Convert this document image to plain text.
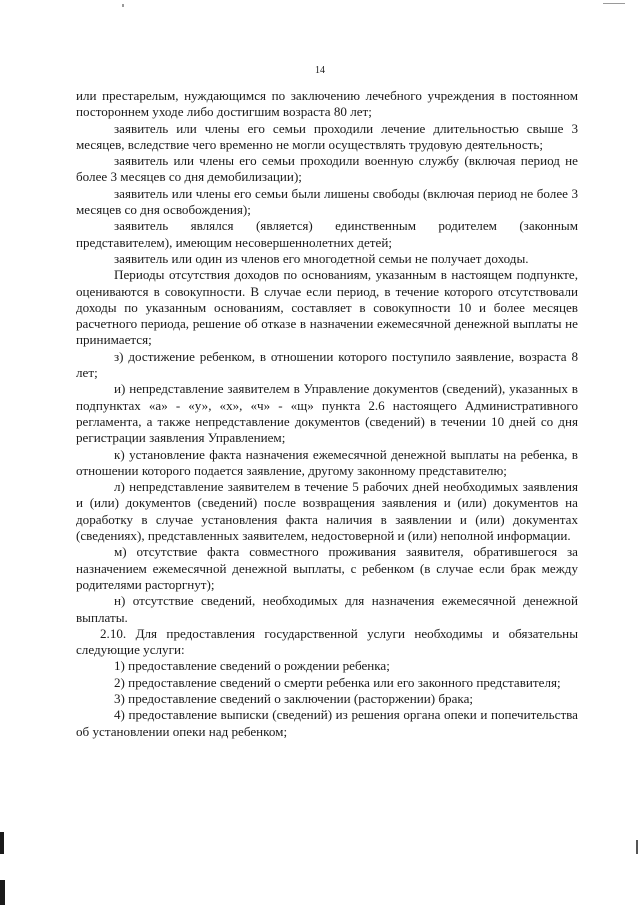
14

или престарелым, нуждающимся по заключению лечебного учреждения в постоянном постороннем уходе либо достигшим возраста 80 лет;

заявитель или члены его семьи проходили лечение длительностью свыше 3 месяцев, вследствие чего временно не могли осуществлять трудовую деятельность;

заявитель или члены его семьи проходили военную службу (включая период не более 3 месяцев со дня демобилизации);

заявитель или члены его семьи были лишены свободы (включая период не более 3 месяцев со дня освобождения);

заявитель являлся (является) единственным родителем (законным представителем), имеющим несовершеннолетних детей;

заявитель или один из членов его многодетной семьи не получает доходы.

Периоды отсутствия доходов по основаниям, указанным в настоящем подпункте, оцениваются в совокупности. В случае если период, в течение которого отсутствовали доходы по указанным основаниям, составляет в совокупности 10 и более месяцев расчетного периода, решение об отказе в назначении ежемесячной денежной выплаты не принимается;

з) достижение ребенком, в отношении которого поступило заявление, возраста 8 лет;

и) непредставление заявителем в Управление документов (сведений), указанных в подпунктах «а» - «у», «х», «ч» - «щ» пункта 2.6 настоящего Административного регламента, а также непредставление документов (сведений) в течении 10 дней со дня регистрации заявления Управлением;

к) установление факта назначения ежемесячной денежной выплаты на ребенка, в отношении которого подается заявление, другому законному представителю;

л) непредставление заявителем в течение 5 рабочих дней необходимых заявления и (или) документов (сведений) после возвращения заявления и (или) документов на доработку в случае установления факта наличия в заявлении и (или) документах (сведениях), представленных заявителем, недостоверной и (или) неполной информации.

м) отсутствие факта совместного проживания заявителя, обратившегося за назначением ежемесячной денежной выплаты, с ребенком (в случае если брак между родителями расторгнут);

н) отсутствие сведений, необходимых для назначения ежемесячной денежной выплаты.

2.10. Для предоставления государственной услуги необходимы и обязательны следующие услуги:

1) предоставление сведений о рождении ребенка;

2) предоставление сведений о смерти ребенка или его законного представителя;

3) предоставление сведений о заключении (расторжении) брака;

4) предоставление выписки (сведений) из решения органа опеки и попечительства об установлении опеки над ребенком;
